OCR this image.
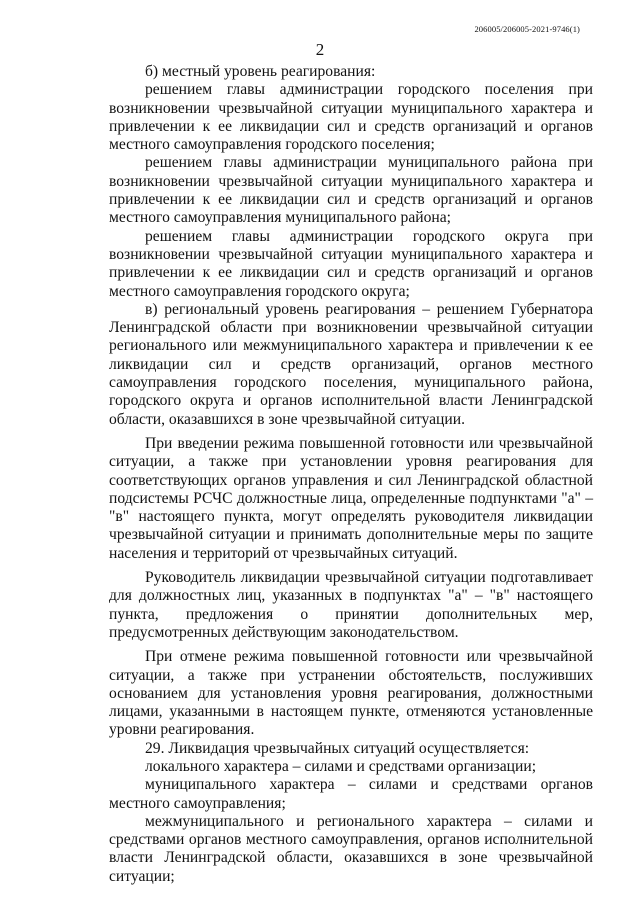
206005/206005-2021-9746(1)
2

б) местный уровень реагирования:

решением главы администрации городского поселения при возникновении чрезвычайной ситуации муниципального характера и привлечении к ее ликвидации сил и средств организаций и органов местного самоуправления городского поселения;

решением главы администрации муниципального района при возникновении чрезвычайной ситуации муниципального характера и привлечении к ее ликвидации сил и средств организаций и органов местного самоуправления муниципального района;

решением главы администрации городского округа при возникновении чрезвычайной ситуации муниципального характера и привлечении к ее ликвидации сил и средств организаций и органов местного самоуправления городского округа;

в) региональный уровень реагирования – решением Губернатора Ленинградской области при возникновении чрезвычайной ситуации регионального или межмуниципального характера и привлечении к ее ликвидации сил и средств организаций, органов местного самоуправления городского поселения, муниципального района, городского округа и органов исполнительной власти Ленинградской области, оказавшихся в зоне чрезвычайной ситуации.

При введении режима повышенной готовности или чрезвычайной ситуации, а также при установлении уровня реагирования для соответствующих органов управления и сил Ленинградской областной подсистемы РСЧС должностные лица, определенные подпунктами "а" – "в" настоящего пункта, могут определять руководителя ликвидации чрезвычайной ситуации и принимать дополнительные меры по защите населения и территорий от чрезвычайных ситуаций.

Руководитель ликвидации чрезвычайной ситуации подготавливает для должностных лиц, указанных в подпунктах "а" – "в" настоящего пункта, предложения о принятии дополнительных мер, предусмотренных действующим законодательством.

При отмене режима повышенной готовности или чрезвычайной ситуации, а также при устранении обстоятельств, послуживших основанием для установления уровня реагирования, должностными лицами, указанными в настоящем пункте, отменяются установленные уровни реагирования.

29. Ликвидация чрезвычайных ситуаций осуществляется:

локального характера – силами и средствами организации;

муниципального характера – силами и средствами органов местного самоуправления;

межмуниципального и регионального характера – силами и средствами органов местного самоуправления, органов исполнительной власти Ленинградской области, оказавшихся в зоне чрезвычайной ситуации;
